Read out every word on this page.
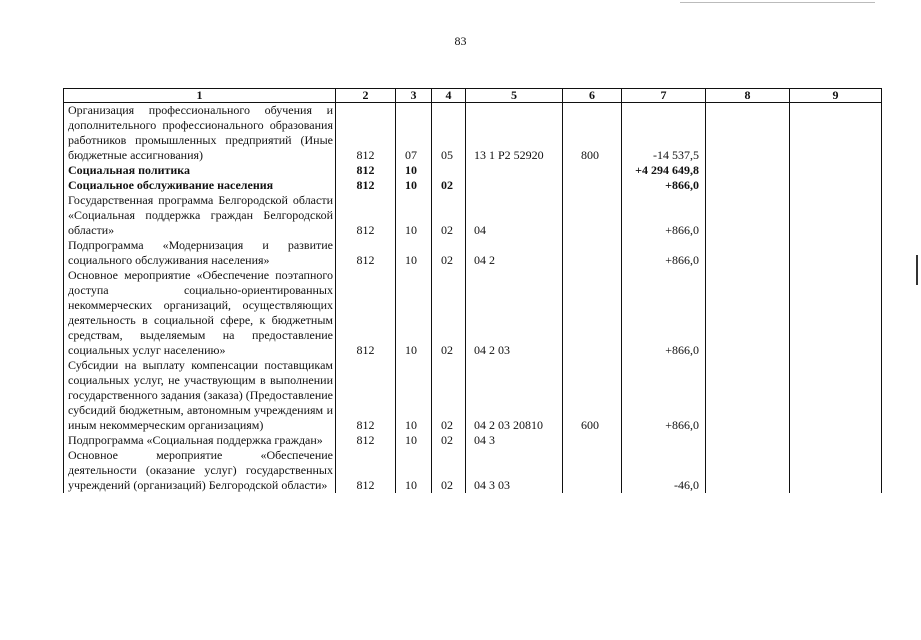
83
1	2	3	4	5	6	7	8	9
Организация профессионального обучения и дополнительного профессионального образования работников промышленных предприятий (Иные бюджетные ассигнования)	812	07	05	13 1 Р2 52920	800	-14 537,5		
Социальная политика	812	10				+4 294 649,8		
Социальное обслуживание населения	812	10	02			+866,0		
Государственная программа Белгородской области «Социальная поддержка граждан Белгородской области»	812	10	02	04		+866,0		
Подпрограмма «Модернизация и развитие социального обслуживания населения»	812	10	02	04 2		+866,0		
Основное мероприятие «Обеспечение поэтапного доступа социально-ориентированных некоммерческих организаций, осуществляющих деятельность в социальной сфере, к бюджетным средствам, выделяемым на предоставление социальных услуг населению»	812	10	02	04 2 03		+866,0		
Субсидии на выплату компенсации поставщикам социальных услуг, не участвующим в выполнении государственного задания (заказа) (Предоставление субсидий бюджетным, автономным учреждениям и иным некоммерческим организациям)	812	10	02	04 2 03 20810	600	+866,0		
Подпрограмма «Социальная поддержка граждан»	812	10	02	04 3				
Основное мероприятие «Обеспечение деятельности (оказание услуг) государственных учреждений (организаций) Белгородской области»	812	10	02	04 3 03		-46,0		
